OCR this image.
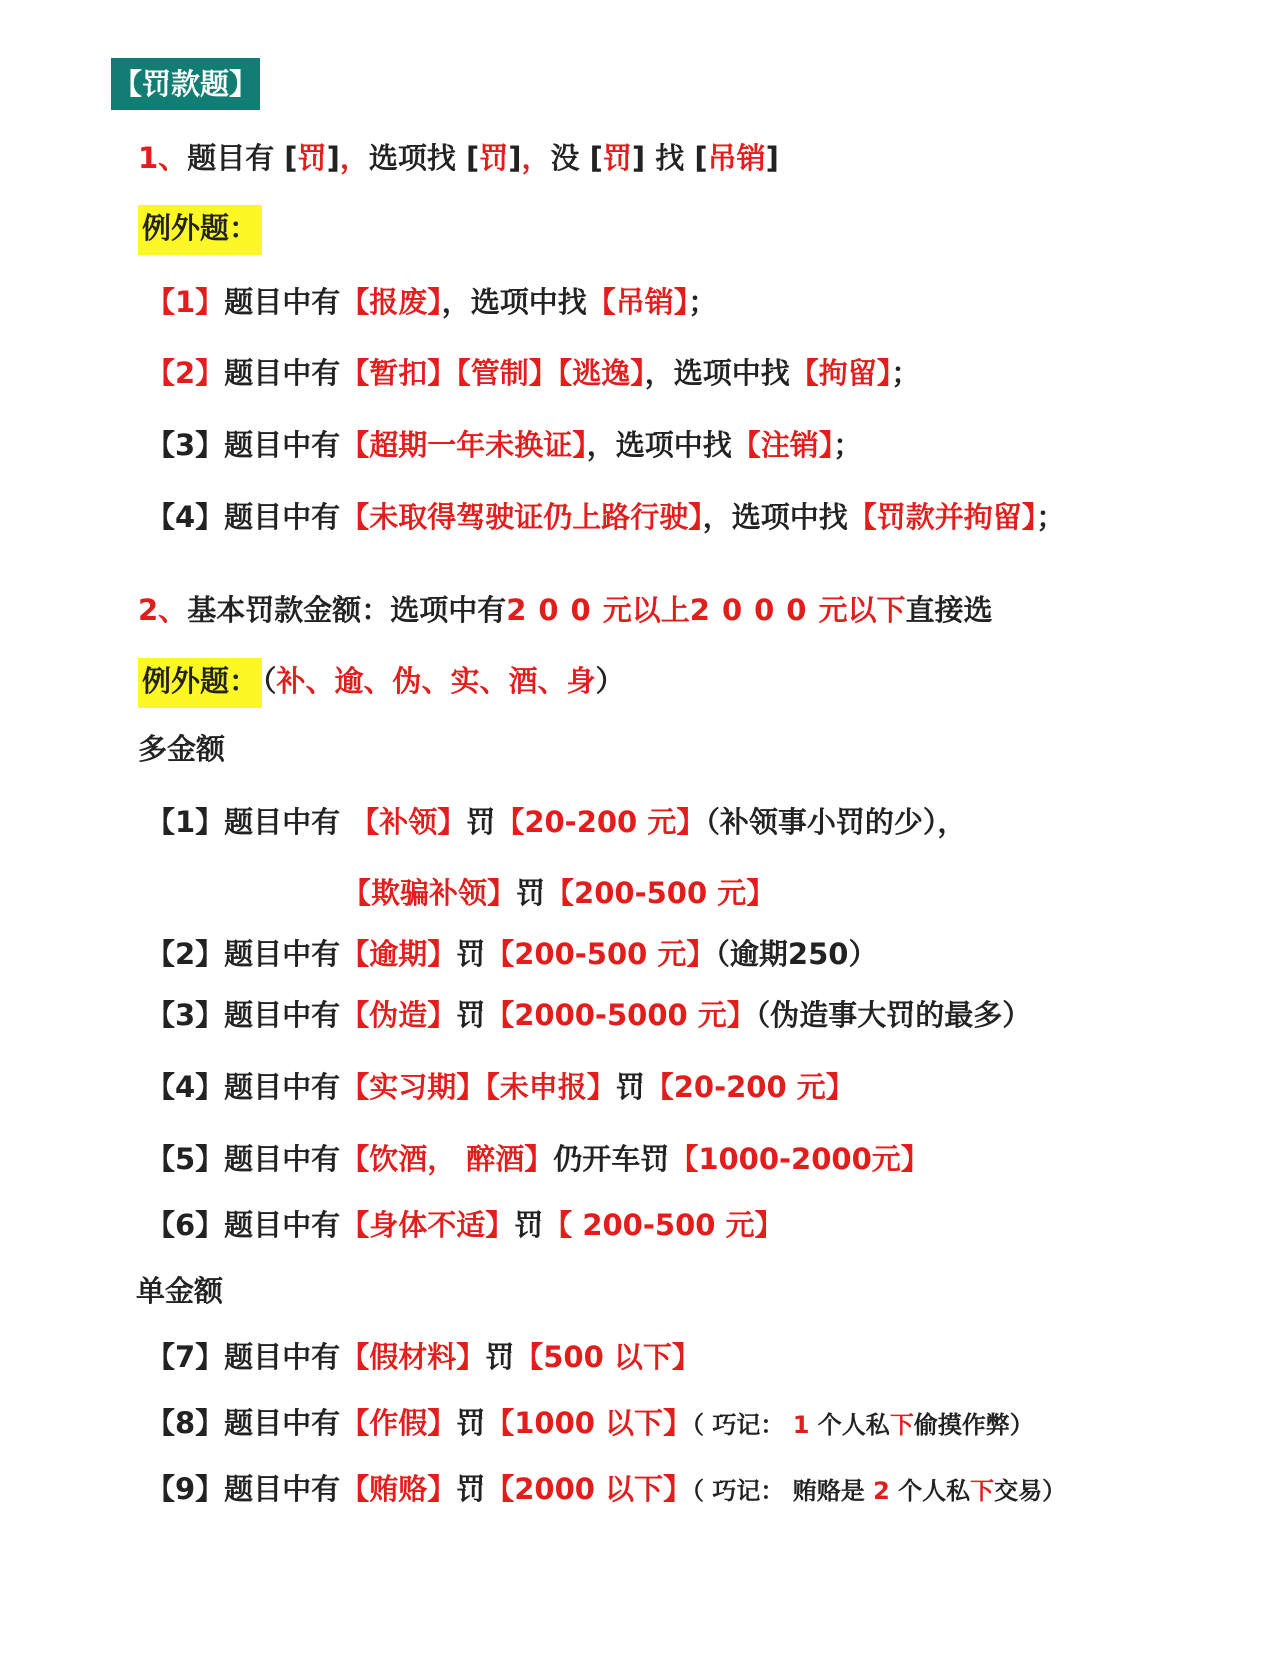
【罚款题】
1、题目有 [罚]，选项找 [罚]，没 [罚] 找 [吊销]
例外题：
【1】题目中有【报废】，选项中找【吊销】；
【2】题目中有【暂扣】【管制】【逃逸】，选项中找【拘留】；
【3】题目中有【超期一年未换证】，选项中找【注销】；
【4】题目中有【未取得驾驶证仍上路行驶】，选项中找【罚款并拘留】；
2、基本罚款金额：选项中有200元以上2000元以下直接选
例外题： （补、逾、伪、实、酒、身）
多金额
【1】题目中有 【补领】罚【20-200 元】（补领事小罚的少），
【欺骗补领】罚【200-500 元】
【2】题目中有【逾期】罚【200-500 元】（逾期250）
【3】题目中有【伪造】罚【2000-5000 元】（伪造事大罚的最多）
【4】题目中有【实习期】【未申报】罚【20-200 元】
【5】题目中有【饮酒， 醉酒】仍开车罚【1000-2000元】
【6】题目中有【身体不适】罚【 200-500 元】
单金额
【7】题目中有【假材料】罚【500 以下】
【8】题目中有【作假】罚【1000 以下】（ 巧记： 1 个人私下偷摸作弊）
【9】题目中有【贿赂】罚【2000 以下】（ 巧记： 贿赂是 2 个人私下交易）
